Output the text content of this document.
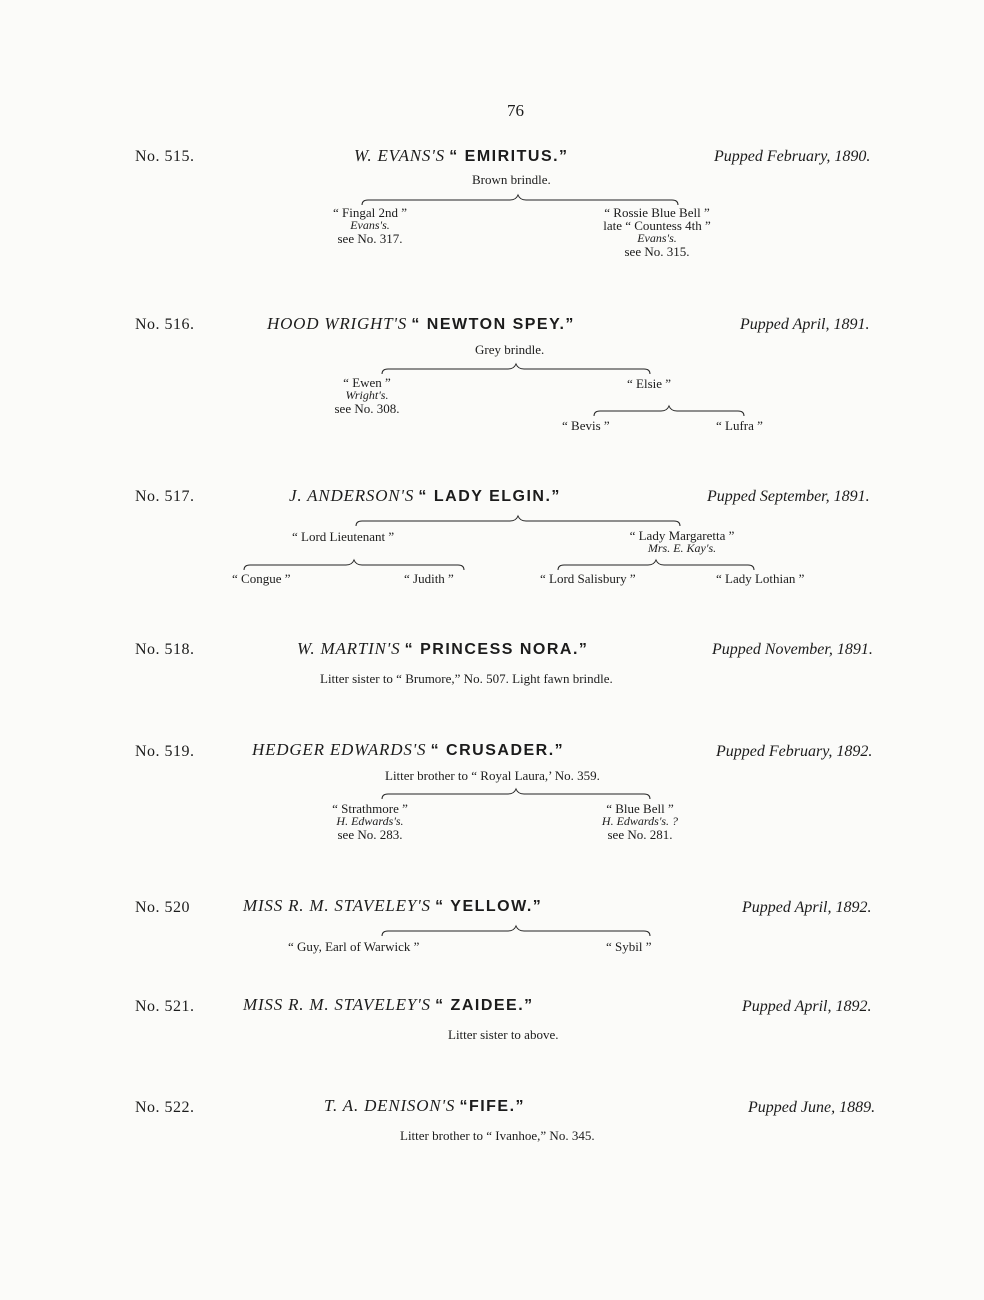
76
No. 515.	W. EVANS'S “ EMIRITUS.”	Pupped February, 1890.
Brown brindle.
“ Fingal 2nd ”
Evans's.
see No. 317.
“ Rossie Blue Bell ”
late “ Countess 4th ”
Evans's.
see No. 315.
No. 516.	HOOD WRIGHT'S “ NEWTON SPEY.”	Pupped April, 1891.
Grey brindle.
“ Ewen ”
Wright's.
see No. 308.
“ Elsie ”
“ Bevis ”	“ Lufra ”
No. 517.	J. ANDERSON'S “ LADY ELGIN.”	Pupped September, 1891.
“ Lord Lieutenant ”	“ Lady Margaretta ”
Mrs. E. Kay's.
“ Congue ”	“ Judith ”	“ Lord Salisbury ”	“ Lady Lothian ”
No. 518.	W. MARTIN'S “ PRINCESS NORA.”	Pupped November, 1891.
Litter sister to “ Brumore,” No. 507. Light fawn brindle.
No. 519.	HEDGER EDWARDS'S “ CRUSADER.”	Pupped February, 1892.
Litter brother to “ Royal Laura,’ No. 359.
“ Strathmore ”
H. Edwards's.
see No. 283.
“ Blue Bell ”
H. Edwards's. ?
see No. 281.
No. 520	MISS R. M. STAVELEY'S “ YELLOW.”	Pupped April, 1892.
“ Guy, Earl of Warwick ”	“ Sybil ”
No. 521.	MISS R. M. STAVELEY'S “ ZAIDEE.”	Pupped April, 1892.
Litter sister to above.
No. 522.	T. A. DENISON'S “FIFE.”	Pupped June, 1889.
Litter brother to “ Ivanhoe,” No. 345.
